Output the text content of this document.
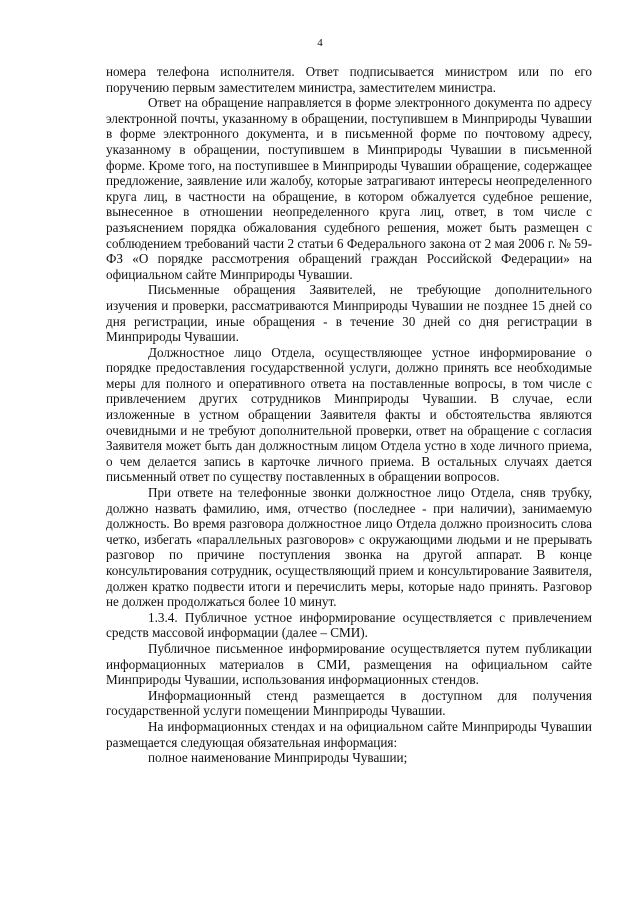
4

номера телефона исполнителя. Ответ подписывается министром или по его поручению первым заместителем министра, заместителем министра.

Ответ на обращение направляется в форме электронного документа по адресу электронной почты, указанному в обращении, поступившем в Минприроды Чувашии в форме электронного документа, и в письменной форме по почтовому адресу, указанному в обращении, поступившем в Минприроды Чувашии в письменной форме. Кроме того, на поступившее в Минприроды Чувашии обращение, содержащее предложение, заявление или жалобу, которые затрагивают интересы неопределенного круга лиц, в частности на обращение, в котором обжалуется судебное решение, вынесенное в отношении неопределенного круга лиц, ответ, в том числе с разъяснением порядка обжалования судебного решения, может быть размещен с соблюдением требований части 2 статьи 6 Федерального закона от 2 мая 2006 г. № 59-ФЗ «О порядке рассмотрения обращений граждан Российской Федерации» на официальном сайте Минприроды Чувашии.

Письменные обращения Заявителей, не требующие дополнительного изучения и проверки, рассматриваются Минприроды Чувашии не позднее 15 дней со дня регистрации, иные обращения - в течение 30 дней со дня регистрации в Минприроды Чувашии.

Должностное лицо Отдела, осуществляющее устное информирование о порядке предоставления государственной услуги, должно принять все необходимые меры для полного и оперативного ответа на поставленные вопросы, в том числе с привлечением других сотрудников Минприроды Чувашии. В случае, если изложенные в устном обращении Заявителя факты и обстоятельства являются очевидными и не требуют дополнительной проверки, ответ на обращение с согласия Заявителя может быть дан должностным лицом Отдела устно в ходе личного приема, о чем делается запись в карточке личного приема. В остальных случаях дается письменный ответ по существу поставленных в обращении вопросов.

При ответе на телефонные звонки должностное лицо Отдела, сняв трубку, должно назвать фамилию, имя, отчество (последнее - при наличии), занимаемую должность. Во время разговора должностное лицо Отдела должно произносить слова четко, избегать «параллельных разговоров» с окружающими людьми и не прерывать разговор по причине поступления звонка на другой аппарат. В конце консультирования сотрудник, осуществляющий прием и консультирование Заявителя, должен кратко подвести итоги и перечислить меры, которые надо принять. Разговор не должен продолжаться более 10 минут.

1.3.4. Публичное устное информирование осуществляется с привлечением средств массовой информации (далее – СМИ).

Публичное письменное информирование осуществляется путем публикации информационных материалов в СМИ, размещения на официальном сайте Минприроды Чувашии, использования информационных стендов.

Информационный стенд размещается в доступном для получения государственной услуги помещении Минприроды Чувашии.

На информационных стендах и на официальном сайте Минприроды Чувашии размещается следующая обязательная информация:

полное наименование Минприроды Чувашии;
